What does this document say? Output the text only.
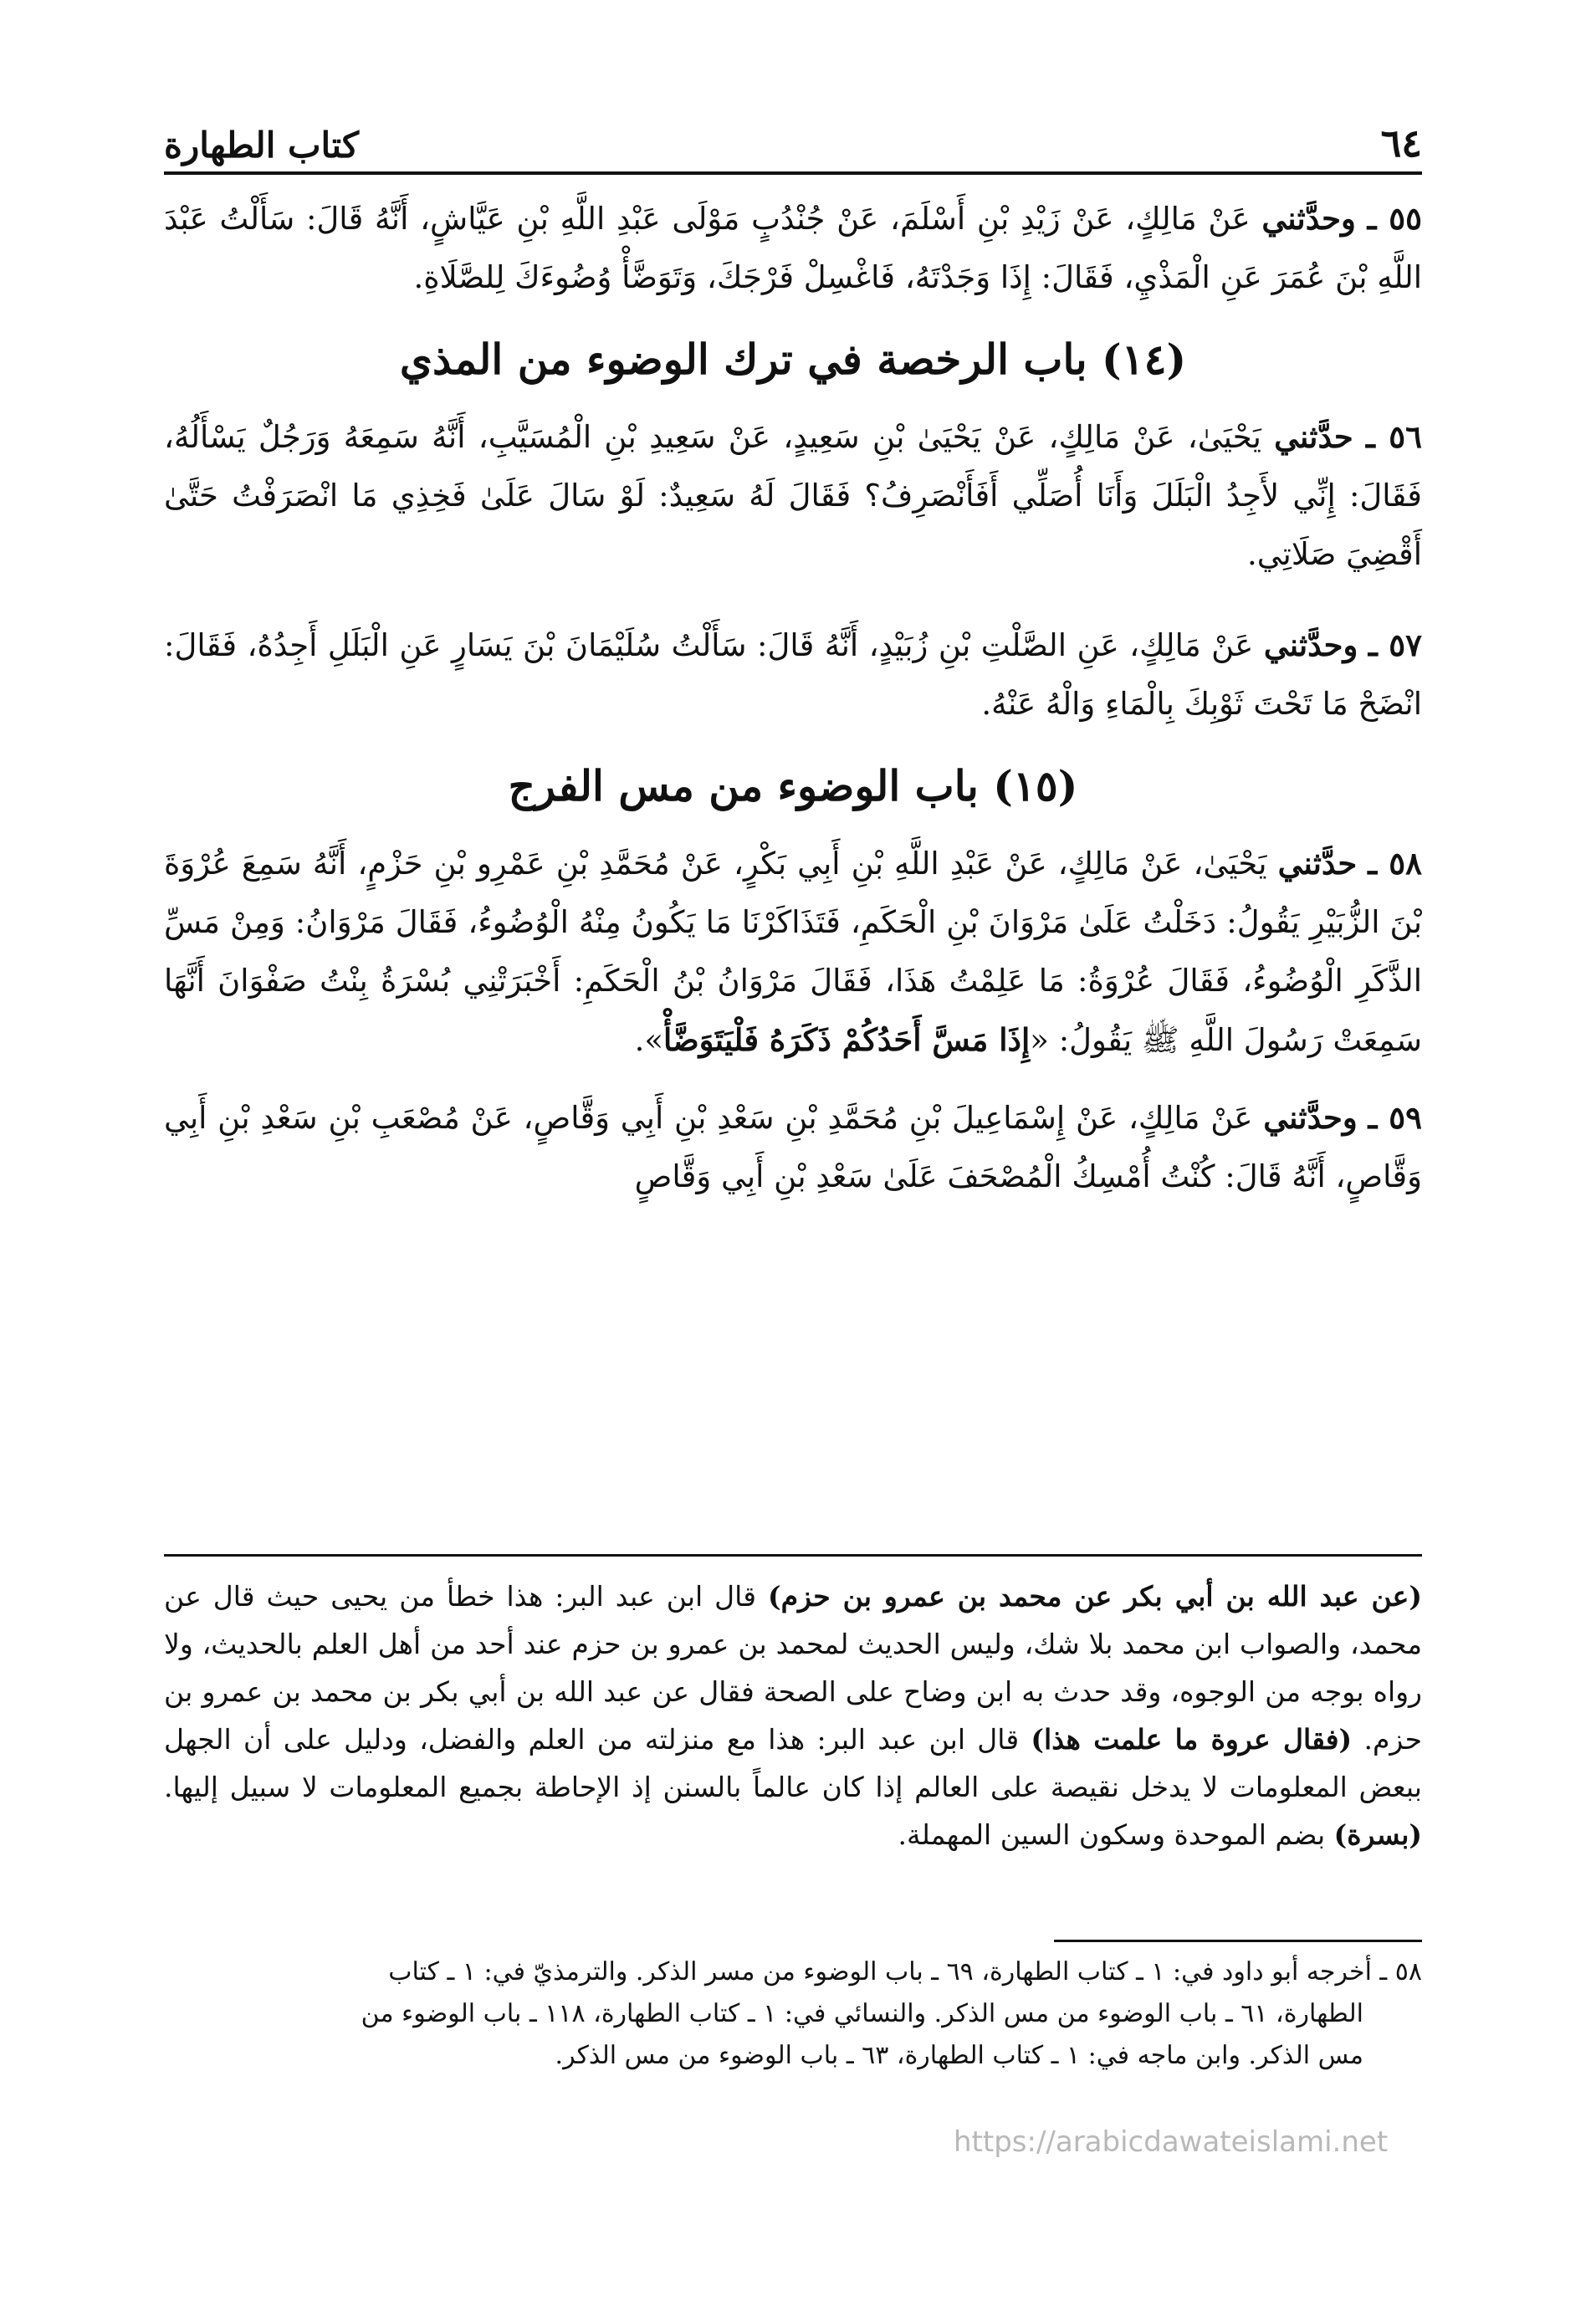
٦٤
كتاب الطهارة

٥٥ ـ وحدَّثني عَنْ مَالِكٍ، عَنْ زَيْدِ بْنِ أَسْلَمَ، عَنْ جُنْدُبٍ مَوْلَى عَبْدِ اللَّهِ بْنِ عَيَّاشٍ، أَنَّهُ قَالَ: سَأَلْتُ عَبْدَ اللَّهِ بْنَ عُمَرَ عَنِ الْمَذْيِ، فَقَالَ: إِذَا وَجَدْتَهُ، فَاغْسِلْ فَرْجَكَ، وَتَوَضَّأْ وُضُوءَكَ لِلصَّلَاةِ.

(١٤) باب الرخصة في ترك الوضوء من المذي

٥٦ ـ حدَّثني يَحْيَىٰ، عَنْ مَالِكٍ، عَنْ يَحْيَىٰ بْنِ سَعِيدٍ، عَنْ سَعِيدِ بْنِ الْمُسَيَّبِ، أَنَّهُ سَمِعَهُ وَرَجُلٌ يَسْأَلُهُ، فَقَالَ: إِنِّي لأَجِدُ الْبَلَلَ وَأَنَا أُصَلِّي أَفَأَنْصَرِفُ؟ فَقَالَ لَهُ سَعِيدٌ: لَوْ سَالَ عَلَىٰ فَخِذِي مَا انْصَرَفْتُ حَتَّىٰ أَقْضِيَ صَلَاتِي.

٥٧ ـ وحدَّثني عَنْ مَالِكٍ، عَنِ الصَّلْتِ بْنِ زُبَيْدٍ، أَنَّهُ قَالَ: سَأَلْتُ سُلَيْمَانَ بْنَ يَسَارٍ عَنِ الْبَلَلِ أَجِدُهُ، فَقَالَ: انْضَحْ مَا تَحْتَ ثَوْبِكَ بِالْمَاءِ وَالْهُ عَنْهُ.

(١٥) باب الوضوء من مس الفرج

٥٨ ـ حدَّثني يَحْيَىٰ، عَنْ مَالِكٍ، عَنْ عَبْدِ اللَّهِ بْنِ أَبِي بَكْرٍ، عَنْ مُحَمَّدِ بْنِ عَمْرِو بْنِ حَزْمٍ، أَنَّهُ سَمِعَ عُرْوَةَ بْنَ الزُّبَيْرِ يَقُولُ: دَخَلْتُ عَلَىٰ مَرْوَانَ بْنِ الْحَكَمِ، فَتَذَاكَرْنَا مَا يَكُونُ مِنْهُ الْوُضُوءُ، فَقَالَ مَرْوَانُ: وَمِنْ مَسِّ الذَّكَرِ الْوُضُوءُ، فَقَالَ عُرْوَةُ: مَا عَلِمْتُ هَذَا، فَقَالَ مَرْوَانُ بْنُ الْحَكَمِ: أَخْبَرَتْنِي بُسْرَةُ بِنْتُ صَفْوَانَ أَنَّهَا سَمِعَتْ رَسُولَ اللَّهِ ﷺ يَقُولُ: «إِذَا مَسَّ أَحَدُكُمْ ذَكَرَهُ فَلْيَتَوَضَّأْ».

٥٩ ـ وحدَّثني عَنْ مَالِكٍ، عَنْ إِسْمَاعِيلَ بْنِ مُحَمَّدِ بْنِ سَعْدِ بْنِ أَبِي وَقَّاصٍ، عَنْ مُصْعَبِ بْنِ سَعْدِ بْنِ أَبِي وَقَّاصٍ، أَنَّهُ قَالَ: كُنْتُ أُمْسِكُ الْمُصْحَفَ عَلَىٰ سَعْدِ بْنِ أَبِي وَقَّاصٍ

(عن عبد الله بن أبي بكر عن محمد بن عمرو بن حزم) قال ابن عبد البر: هذا خطأ من يحيى حيث قال عن محمد، والصواب ابن محمد بلا شك، وليس الحديث لمحمد بن عمرو بن حزم عند أحد من أهل العلم بالحديث، ولا رواه بوجه من الوجوه، وقد حدث به ابن وضاح على الصحة فقال عن عبد الله بن أبي بكر بن محمد بن عمرو بن حزم. (فقال عروة ما علمت هذا) قال ابن عبد البر: هذا مع منزلته من العلم والفضل، ودليل على أن الجهل ببعض المعلومات لا يدخل نقيصة على العالم إذا كان عالماً بالسنن إذ الإحاطة بجميع المعلومات لا سبيل إليها. (بسرة) بضم الموحدة وسكون السين المهملة.
٥٨ ـ أخرجه أبو داود في: ١ ـ كتاب الطهارة، ٦٩ ـ باب الوضوء من مسر الذكر. والترمذيّ في: ١ ـ كتاب
الطهارة، ٦١ ـ باب الوضوء من مس الذكر. والنسائي في: ١ ـ كتاب الطهارة، ١١٨ ـ باب الوضوء من
مس الذكر. وابن ماجه في: ١ ـ كتاب الطهارة، ٦٣ ـ باب الوضوء من مس الذكر.
https://arabicdawateislami.net
